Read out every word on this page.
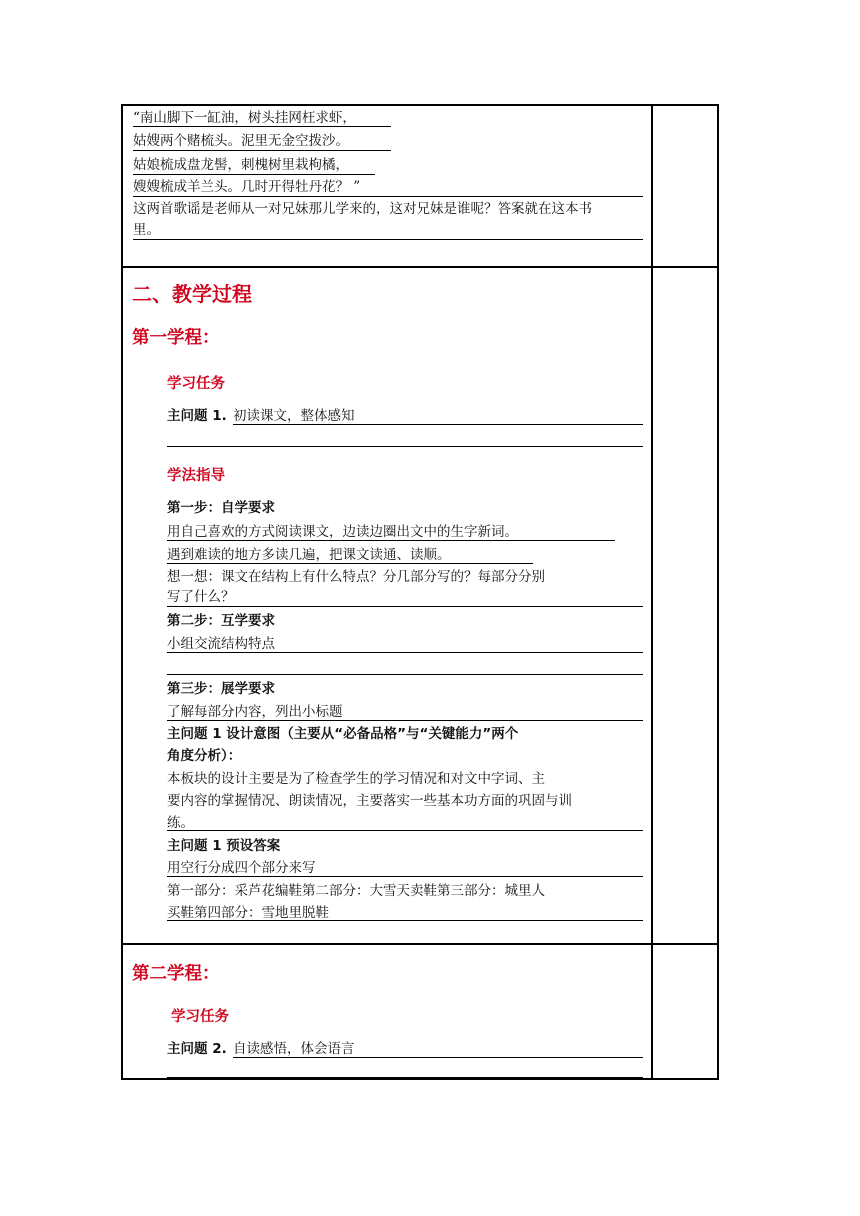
“南山脚下一缸油，树头挂网枉求虾，
姑嫂两个赌梳头。泥里无金空拨沙。
姑娘梳成盘龙髻，刺槐树里栽枸橘，
嫂嫂梳成羊兰头。几时开得牡丹花？ ”
这两首歌谣是老师从一对兄妹那儿学来的，这对兄妹是谁呢？答案就在这本书
里。
二、教学过程
第一学程：
学习任务
主问题 1. 初读课文，整体感知
学法指导
第一步：自学要求
用自己喜欢的方式阅读课文，边读边圈出文中的生字新词。
遇到难读的地方多读几遍，把课文读通、读顺。
想一想：课文在结构上有什么特点？分几部分写的？每部分分别
写了什么？
第二步：互学要求
小组交流结构特点
第三步：展学要求
了解每部分内容，列出小标题
主问题 1 设计意图（主要从“必备品格”与“关键能力”两个
角度分析）：
本板块的设计主要是为了检查学生的学习情况和对文中字词、主
要内容的掌握情况、朗读情况，主要落实一些基本功方面的巩固与训
练。
主问题 1 预设答案
用空行分成四个部分来写
第一部分：采芦花编鞋第二部分：大雪天卖鞋第三部分：城里人
买鞋第四部分：雪地里脱鞋
第二学程：
学习任务
主问题 2. 自读感悟，体会语言
